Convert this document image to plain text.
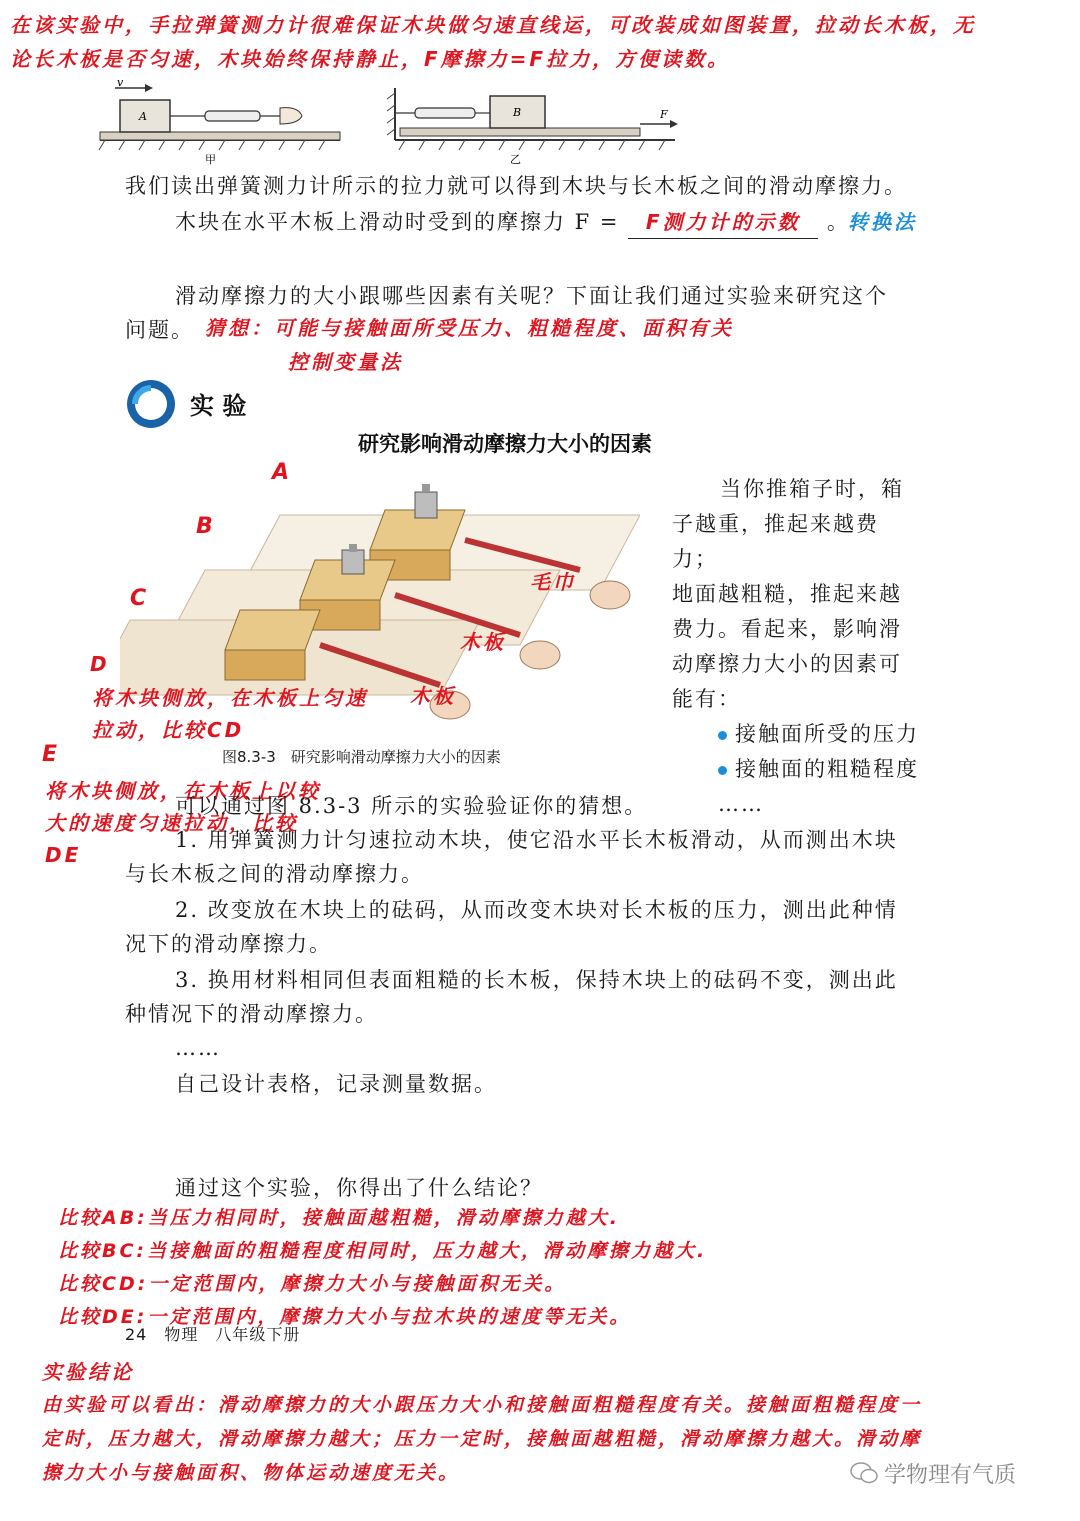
在该实验中，手拉弹簧测力计很难保证木块做匀速直线运，可改装成如图装置，拉动长木板，无
论长木板是否匀速，木块始终保持静止，F摩擦力=F拉力，方便读数。
v
A
甲
B	F
乙
我们读出弹簧测力计所示的拉力就可以得到木块与长木板之间的滑动摩擦力。
木块在水平木板上滑动时受到的摩擦力 F = F测力计的示数 。
转换法
滑动摩擦力的大小跟哪些因素有关呢？下面让我们通过实验来研究这个
问题。 猜想：可能与接触面所受压力、粗糙程度、面积有关
控制变量法
实 验
研究影响滑动摩擦力大小的因素
A
B
C
D
毛巾
木板
木板
将木块侧放，在木板上匀速
拉动，比较CD
图8.3-3　研究影响滑动摩擦力大小的因素
E
将木块侧放，在木板上以较
大的速度匀速拉动，比较
DE
当你推箱子时，箱
子越重，推起来越费力；
地面越粗糙，推起来越
费力。看起来，影响滑
动摩擦力大小的因素可
能有：
接触面所受的压力
接触面的粗糙程度
……
可以通过图 8.3-3 所示的实验验证你的猜想。
1. 用弹簧测力计匀速拉动木块，使它沿水平长木板滑动，从而测出木块
与长木板之间的滑动摩擦力。
2. 改变放在木块上的砝码，从而改变木块对长木板的压力，测出此种情
况下的滑动摩擦力。
3. 换用材料相同但表面粗糙的长木板，保持木块上的砝码不变，测出此
种情况下的滑动摩擦力。
……
自己设计表格，记录测量数据。
通过这个实验，你得出了什么结论？
比较AB:当压力相同时，接触面越粗糙，滑动摩擦力越大.
比较BC:当接触面的粗糙程度相同时，压力越大，滑动摩擦力越大.
比较CD:一定范围内，摩擦力大小与接触面积无关。
比较DE:一定范围内，摩擦力大小与拉木块的速度等无关。
24　物理　八年级下册
实验结论
由实验可以看出：滑动摩擦力的大小跟压力大小和接触面粗糙程度有关。接触面粗糙程度一
定时，压力越大，滑动摩擦力越大；压力一定时，接触面越粗糙，滑动摩擦力越大。滑动摩
擦力大小与接触面积、物体运动速度无关。	学物理有气质
